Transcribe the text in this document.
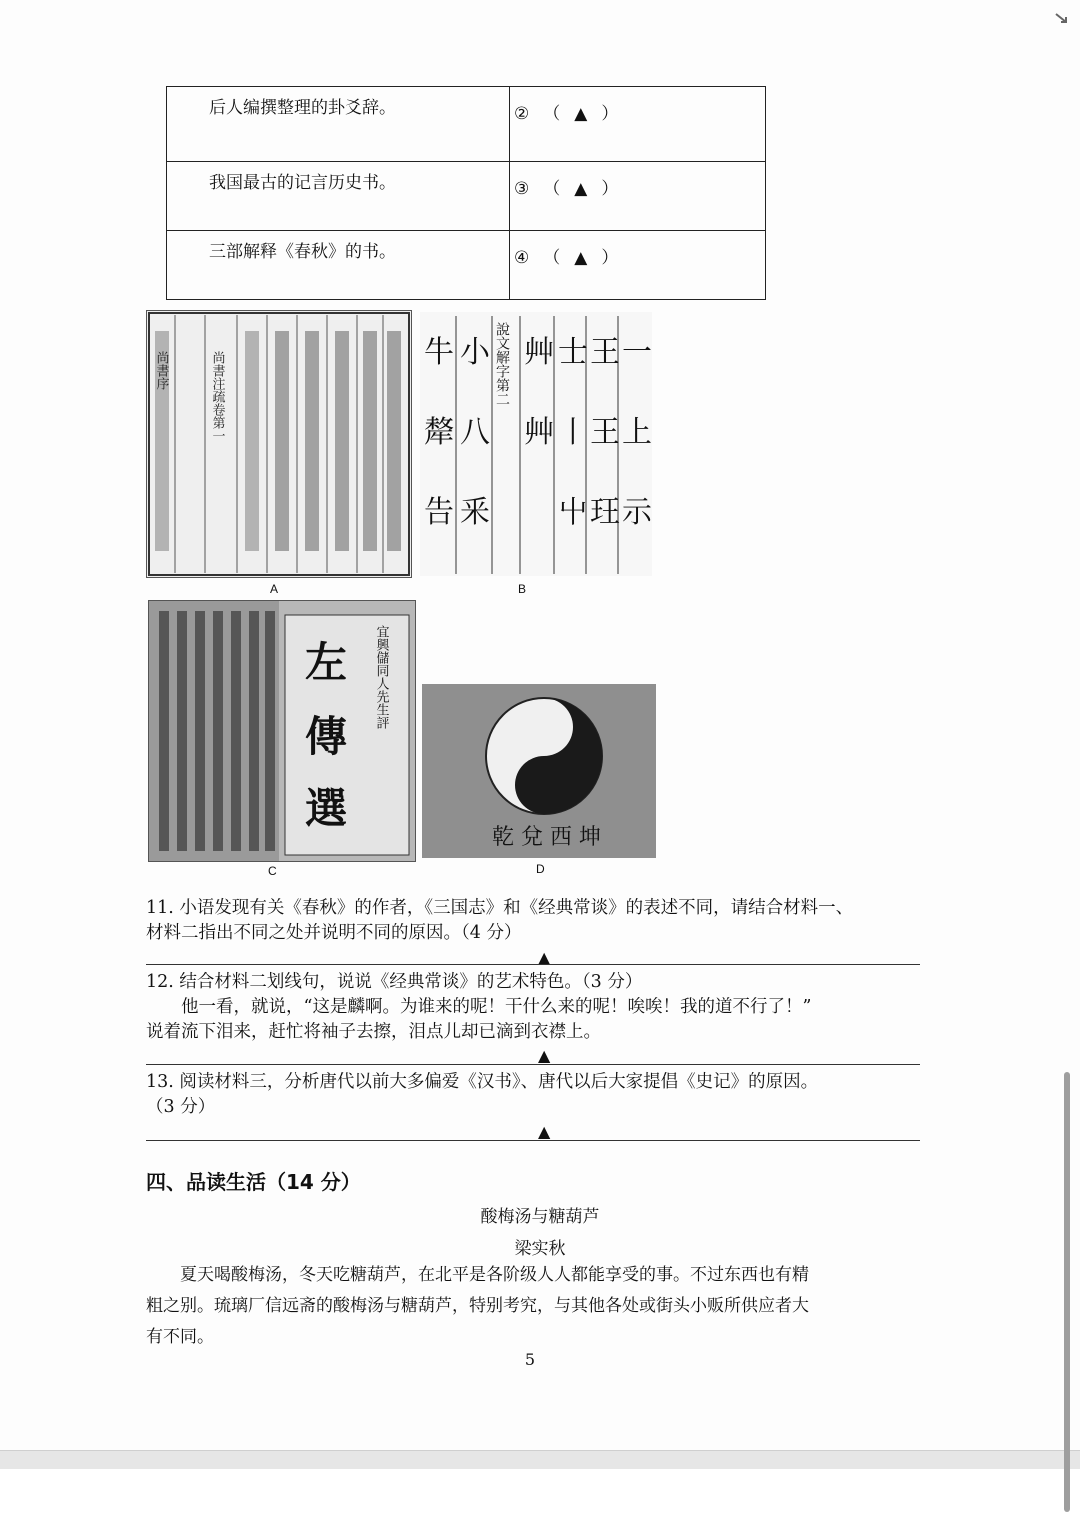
后人编撰整理的卦爻辞。	② （ ▲ ）
我国最古的记言历史书。	③ （ ▲ ）
三部解释《春秋》的书。	④ （ ▲ ）
尚書序	尚書注疏卷第一
A
牛 小 艸 士 王 一
犛 八 艸 丨 王 上
告 釆 屮 玨 示
說文解字第二
B
左
傳
選
宜興儲同人先生評
C
乾 兌 西 坤
D
11. 小语发现有关《春秋》的作者，《三国志》和《经典常谈》的表述不同，请结合材料一、
材料二指出不同之处并说明不同的原因。（4 分）
▲
12. 结合材料二划线句，说说《经典常谈》的艺术特色。（3 分）
他一看，就说，“这是麟啊。为谁来的呢！干什么来的呢！唉唉！我的道不行了！”
说着流下泪来，赶忙将袖子去擦，泪点儿却已滴到衣襟上。
▲
13. 阅读材料三，分析唐代以前大多偏爱《汉书》、唐代以后大家提倡《史记》的原因。
（3 分）
▲
四、品读生活（14 分）
酸梅汤与糖葫芦
梁实秋
夏天喝酸梅汤，冬天吃糖葫芦，在北平是各阶级人人都能享受的事。不过东西也有精
粗之别。琉璃厂信远斋的酸梅汤与糖葫芦，特别考究，与其他各处或街头小贩所供应者大
有不同。
5
